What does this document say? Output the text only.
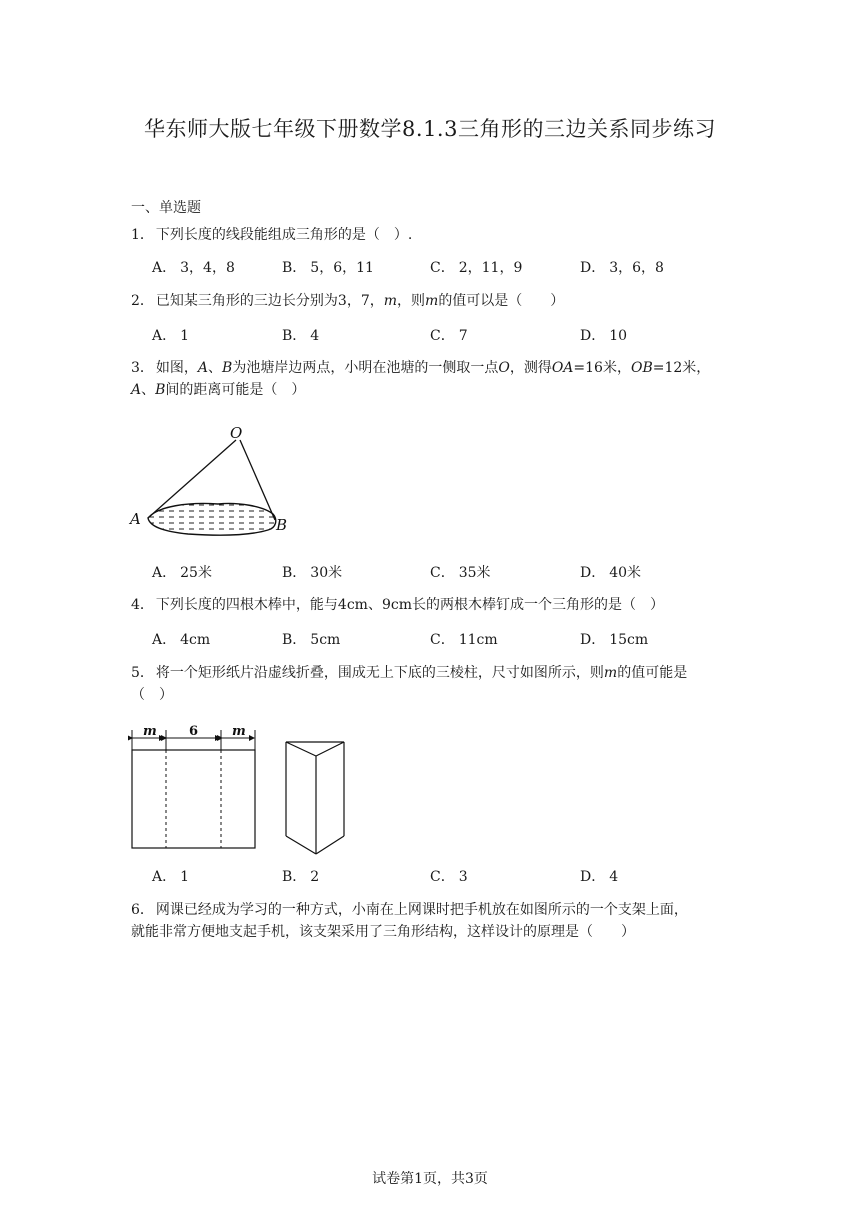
华东师大版七年级下册数学8.1.3三角形的三边关系同步练习
一、单选题
1． 下列长度的线段能组成三角形的是（　）.
A． 3，4，8	B． 5，6，11	C． 2，11，9	D． 3，6，8
2． 已知某三角形的三边长分别为3，7，m，则m的值可以是（　　）
A． 1	B． 4	C． 7	D． 10
3． 如图，A、B为池塘岸边两点，小明在池塘的一侧取一点O，测得OA=16米，OB=12米，
A、B间的距离可能是（　）
O
A	B
A． 25米	B． 30米	C． 35米	D． 40米
4． 下列长度的四根木棒中，能与4cm、9cm长的两根木棒钉成一个三角形的是（　）
A． 4cm	B． 5cm	C． 11cm	D． 15cm
5． 将一个矩形纸片沿虚线折叠，围成无上下底的三棱柱，尺寸如图所示，则m的值可能是
（　）
m 6	m
A． 1	B． 2	C． 3	D． 4
6． 网课已经成为学习的一种方式，小南在上网课时把手机放在如图所示的一个支架上面，
就能非常方便地支起手机，该支架采用了三角形结构，这样设计的原理是（　　）
试卷第1页，共3页
